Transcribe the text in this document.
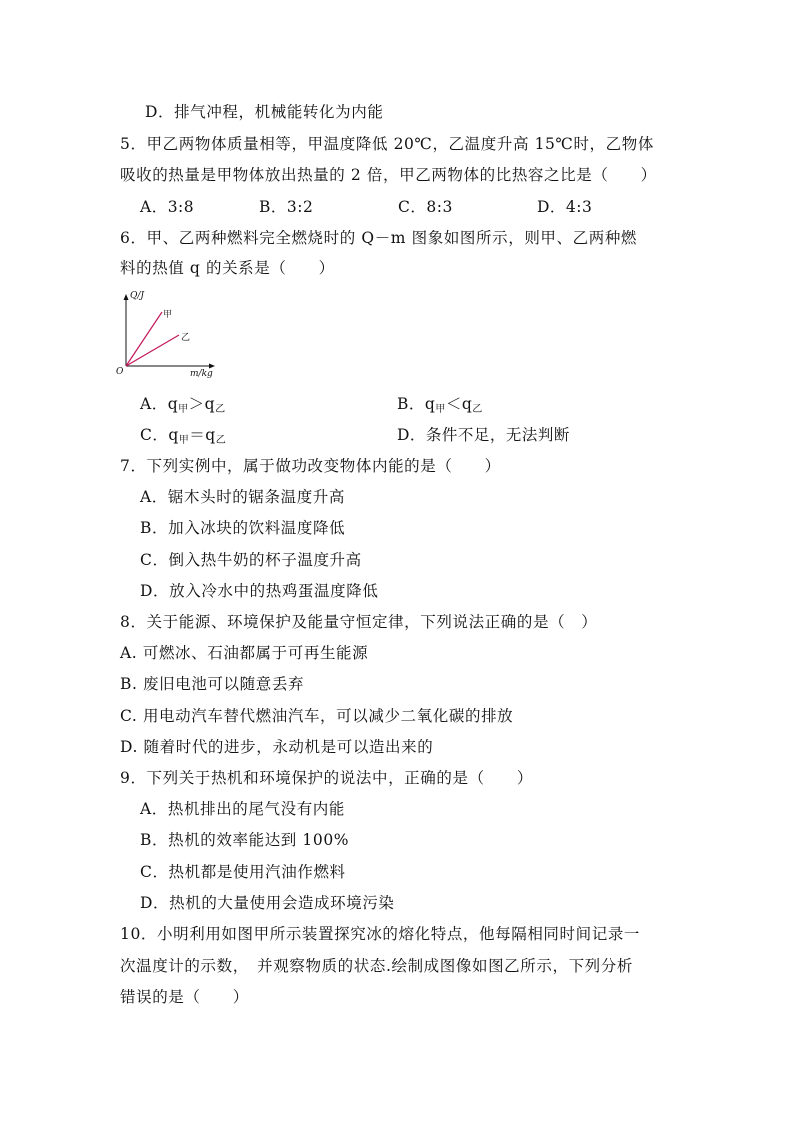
D．排气冲程，机械能转化为内能
5．甲乙两物体质量相等，甲温度降低 20℃，乙温度升高 15℃时，乙物体
吸收的热量是甲物体放出热量的 2 倍，甲乙两物体的比热容之比是（　　）
A．3:8	B．3:2	C．8:3	D．4:3
6．甲、乙两种燃料完全燃烧时的 Q－m 图象如图所示，则甲、乙两种燃
料的热值 q 的关系是（　　）
Q/J
m/kg
O
甲
乙
A．$q_甲>q_乙$	B．$q_甲<q_乙$
C．$q_甲=q_乙$	D．条件不足，无法判断
7．下列实例中，属于做功改变物体内能的是（　　）
A．锯木头时的锯条温度升高
B．加入冰块的饮料温度降低
C．倒入热牛奶的杯子温度升高
D．放入冷水中的热鸡蛋温度降低
8．关于能源、环境保护及能量守恒定律，下列说法正确的是（　）
A. 可燃冰、石油都属于可再生能源
B. 废旧电池可以随意丢弃
C. 用电动汽车替代燃油汽车，可以减少二氧化碳的排放
D. 随着时代的进步，永动机是可以造出来的
9．下列关于热机和环境保护的说法中，正确的是（　　）
A．热机排出的尾气没有内能
B．热机的效率能达到 100%
C．热机都是使用汽油作燃料
D．热机的大量使用会造成环境污染
10．小明利用如图甲所示装置探究冰的熔化特点，他每隔相同时间记录一
次温度计的示数，　并观察物质的状态.绘制成图像如图乙所示，下列分析
错误的是（　　）
